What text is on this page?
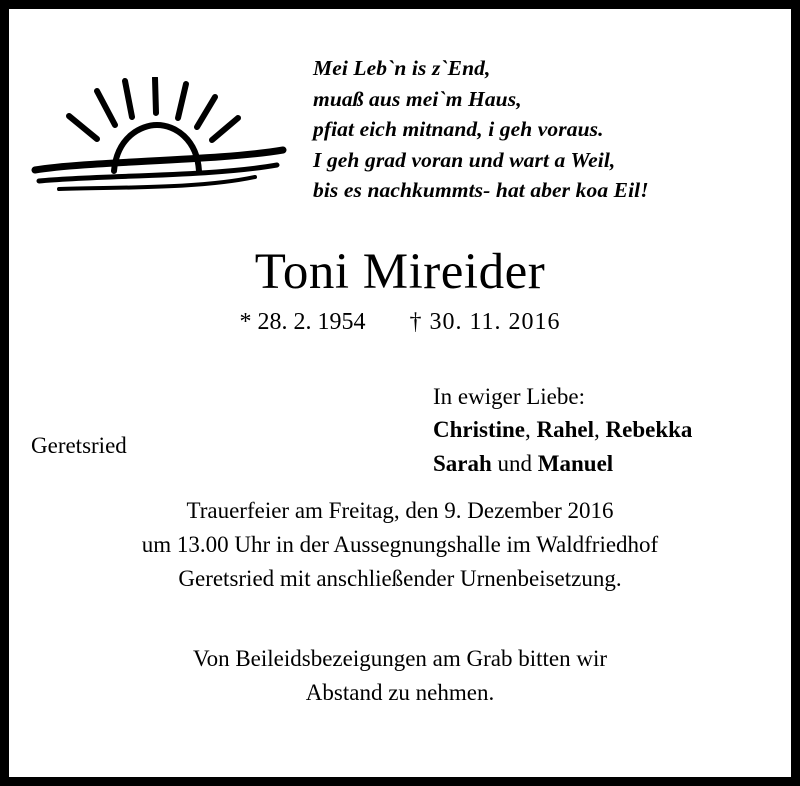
Mei Leb`n is z`End,
muaß aus mei`m Haus,
pfiat eich mitnand, i geh voraus.
I geh grad voran und wart a Weil,
bis es nachkummts- hat aber koa Eil!
Toni Mireider
* 28. 2. 1954 † 30. 11. 2016
Geretsried
In ewiger Liebe:
Christine, Rahel, Rebekka
Sarah und Manuel
Trauerfeier am Freitag, den 9. Dezember 2016
um 13.00 Uhr in der Aussegnungshalle im Waldfriedhof
Geretsried mit anschließender Urnenbeisetzung.
Von Beileidsbezeigungen am Grab bitten wir
Abstand zu nehmen.
